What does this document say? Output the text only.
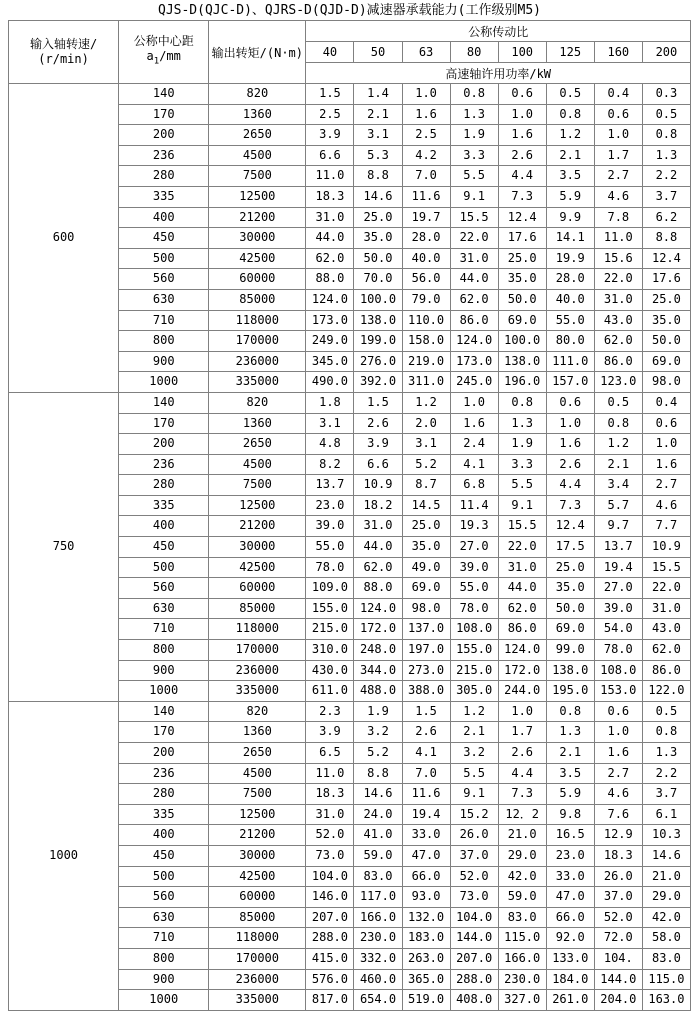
QJS-D(QJC-D)、QJRS-D(QJD-D)减速器承载能力(工作级别M5)
输入轴转速/
(r/min)

公称中心距
$a_1/mm$	输出转矩/(N·m)	公称传动比
			40	50	63	80	100	125	160	200
			高速轴许用功率/kW							
600	140	820	1.5	1.4	1.0	0.8	0.6	0.5	0.4	0.3
	170	1360	2.5	2.1	1.6	1.3	1.0	0.8	0.6	0.5
	200	2650	3.9	3.1	2.5	1.9	1.6	1.2	1.0	0.8
	236	4500	6.6	5.3	4.2	3.3	2.6	2.1	1.7	1.3
	280	7500	11.0	8.8	7.0	5.5	4.4	3.5	2.7	2.2
	335	12500	18.3	14.6	11.6	9.1	7.3	5.9	4.6	3.7
	400	21200	31.0	25.0	19.7	15.5	12.4	9.9	7.8	6.2
	450	30000	44.0	35.0	28.0	22.0	17.6	14.1	11.0	8.8
	500	42500	62.0	50.0	40.0	31.0	25.0	19.9	15.6	12.4
	560	60000	88.0	70.0	56.0	44.0	35.0	28.0	22.0	17.6
	630	85000	124.0	100.0	79.0	62.0	50.0	40.0	31.0	25.0
	710	118000	173.0	138.0	110.0	86.0	69.0	55.0	43.0	35.0
	800	170000	249.0	199.0	158.0	124.0	100.0	80.0	62.0	50.0
	900	236000	345.0	276.0	219.0	173.0	138.0	111.0	86.0	69.0
	1000	335000	490.0	392.0	311.0	245.0	196.0	157.0	123.0	98.0
750	140	820	1.8	1.5	1.2	1.0	0.8	0.6	0.5	0.4
	170	1360	3.1	2.6	2.0	1.6	1.3	1.0	0.8	0.6
	200	2650	4.8	3.9	3.1	2.4	1.9	1.6	1.2	1.0
	236	4500	8.2	6.6	5.2	4.1	3.3	2.6	2.1	1.6
	280	7500	13.7	10.9	8.7	6.8	5.5	4.4	3.4	2.7
	335	12500	23.0	18.2	14.5	11.4	9.1	7.3	5.7	4.6
	400	21200	39.0	31.0	25.0	19.3	15.5	12.4	9.7	7.7
	450	30000	55.0	44.0	35.0	27.0	22.0	17.5	13.7	10.9
	500	42500	78.0	62.0	49.0	39.0	31.0	25.0	19.4	15.5
	560	60000	109.0	88.0	69.0	55.0	44.0	35.0	27.0	22.0
	630	85000	155.0	124.0	98.0	78.0	62.0	50.0	39.0	31.0
	710	118000	215.0	172.0	137.0	108.0	86.0	69.0	54.0	43.0
	800	170000	310.0	248.0	197.0	155.0	124.0	99.0	78.0	62.0
	900	236000	430.0	344.0	273.0	215.0	172.0	138.0	108.0	86.0
	1000	335000	611.0	488.0	388.0	305.0	244.0	195.0	153.0	122.0
1000	140	820	2.3	1.9	1.5	1.2	1.0	0.8	0.6	0.5
	170	1360	3.9	3.2	2.6	2.1	1.7	1.3	1.0	0.8
	200	2650	6.5	5.2	4.1	3.2	2.6	2.1	1.6	1.3
	236	4500	11.0	8.8	7.0	5.5	4.4	3.5	2.7	2.2
	280	7500	18.3	14.6	11.6	9.1	7.3	5.9	4.6	3.7
	335	12500	31.0	24.0	19.4	15.2	12．2	9.8	7.6	6.1
	400	21200	52.0	41.0	33.0	26.0	21.0	16.5	12.9	10.3
	450	30000	73.0	59.0	47.0	37.0	29.0	23.0	18.3	14.6
	500	42500	104.0	83.0	66.0	52.0	42.0	33.0	26.0	21.0
	560	60000	146.0	117.0	93.0	73.0	59.0	47.0	37.0	29.0
	630	85000	207.0	166.0	132.0	104.0	83.0	66.0	52.0	42.0
	710	118000	288.0	230.0	183.0	144.0	115.0	92.0	72.0	58.0
	800	170000	415.0	332.0	263.0	207.0	166.0	133.0	104.	83.0
	900	236000	576.0	460.0	365.0	288.0	230.0	184.0	144.0	115.0
	1000	335000	817.0	654.0	519.0	408.0	327.0	261.0	204.0	163.0
